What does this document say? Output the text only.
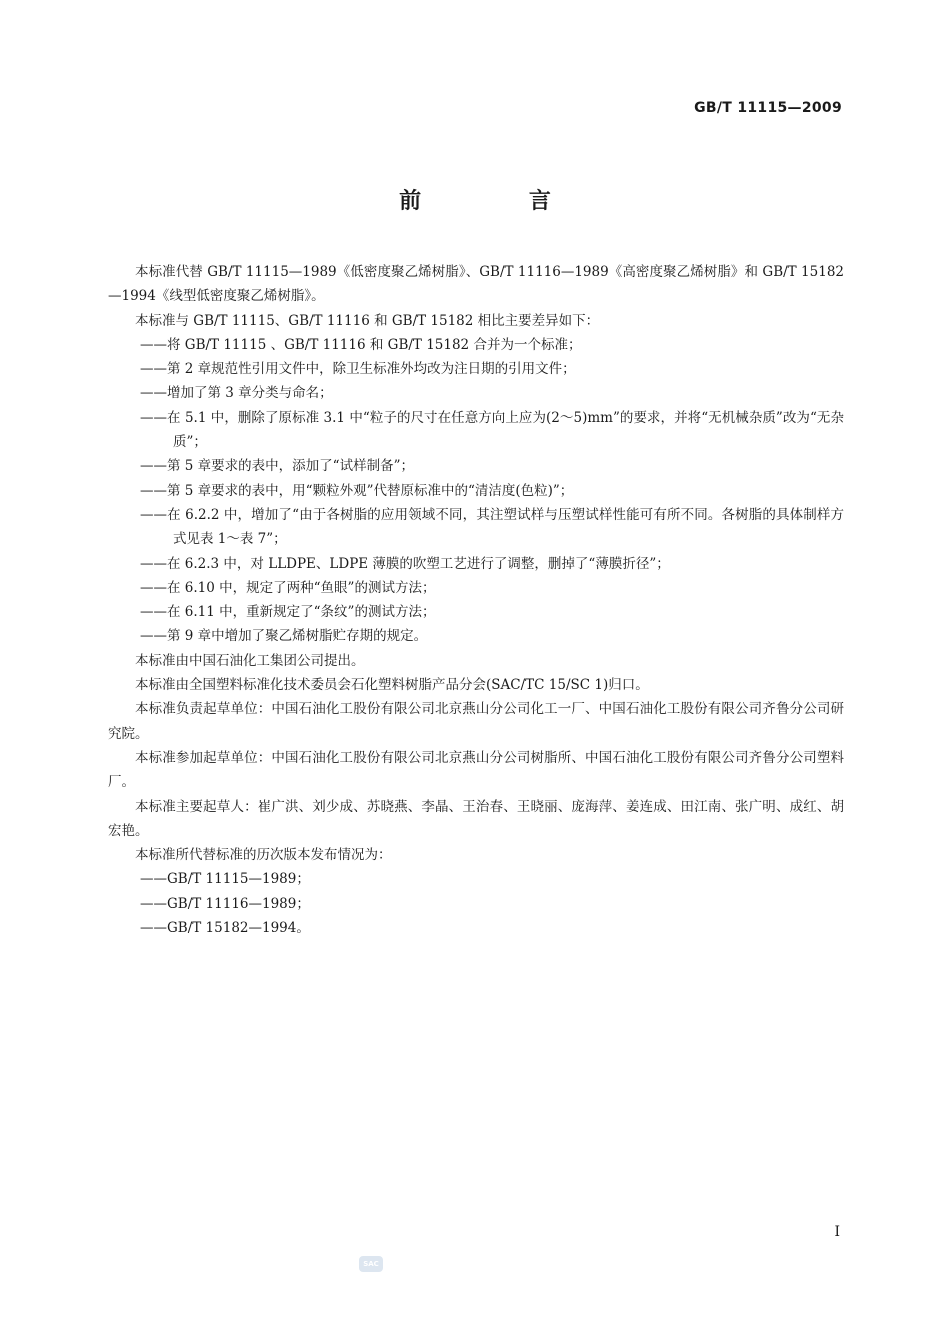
GB/T 11115—2009
前 言

本标准代替 GB/T 11115—1989《低密度聚乙烯树脂》、GB/T 11116—1989《高密度聚乙烯树脂》和 GB/T 15182—1994《线型低密度聚乙烯树脂》。

本标准与 GB/T 11115、GB/T 11116 和 GB/T 15182 相比主要差异如下：

——将 GB/T 11115 、GB/T 11116 和 GB/T 15182 合并为一个标准；

——第 2 章规范性引用文件中，除卫生标准外均改为注日期的引用文件；

——增加了第 3 章分类与命名；

——在 5.1 中，删除了原标准 3.1 中“粒子的尺寸在任意方向上应为(2～5)mm”的要求，并将“无机械杂质”改为“无杂质”；

——第 5 章要求的表中，添加了“试样制备”；

——第 5 章要求的表中，用“颗粒外观”代替原标准中的“清洁度(色粒)”；

——在 6.2.2 中，增加了“由于各树脂的应用领域不同，其注塑试样与压塑试样性能可有所不同。各树脂的具体制样方式见表 1～表 7”；

——在 6.2.3 中，对 LLDPE、LDPE 薄膜的吹塑工艺进行了调整，删掉了“薄膜折径”；

——在 6.10 中，规定了两种“鱼眼”的测试方法；

——在 6.11 中，重新规定了“条纹”的测试方法；

——第 9 章中增加了聚乙烯树脂贮存期的规定。

本标准由中国石油化工集团公司提出。

本标准由全国塑料标准化技术委员会石化塑料树脂产品分会(SAC/TC 15/SC 1)归口。

本标准负责起草单位：中国石油化工股份有限公司北京燕山分公司化工一厂、中国石油化工股份有限公司齐鲁分公司研究院。

本标准参加起草单位：中国石油化工股份有限公司北京燕山分公司树脂所、中国石油化工股份有限公司齐鲁分公司塑料厂。

本标准主要起草人：崔广洪、刘少成、苏晓燕、李晶、王治春、王晓丽、庞海萍、姜连成、田江南、张广明、成红、胡宏艳。

本标准所代替标准的历次版本发布情况为：

——GB/T 11115—1989；

——GB/T 11116—1989；

——GB/T 15182—1994。

I
SAC
